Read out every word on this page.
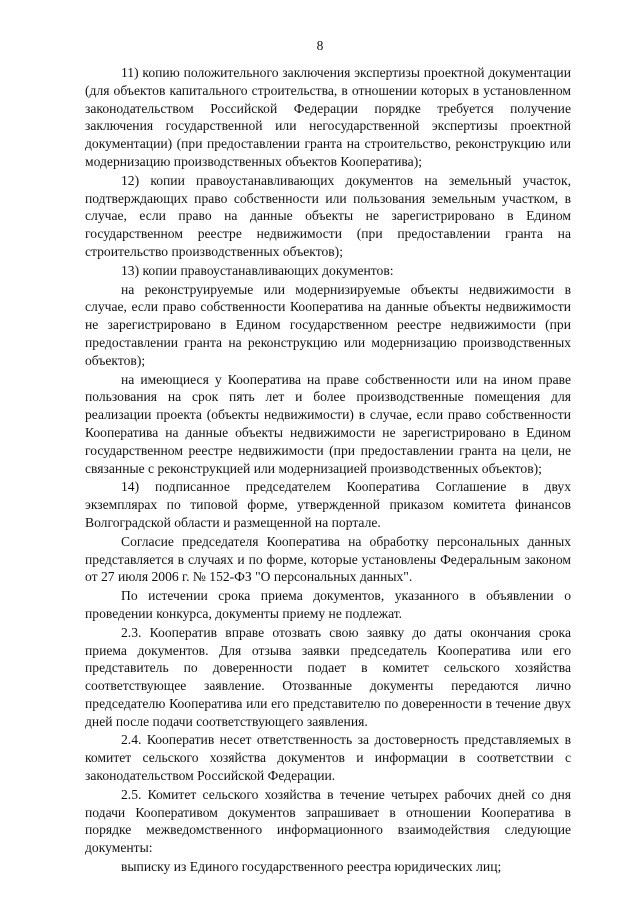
8

11) копию положительного заключения экспертизы проектной документации (для объектов капитального строительства, в отношении которых в установленном законодательством Российской Федерации порядке требуется получение заключения государственной или негосударственной экспертизы проектной документации) (при предоставлении гранта на строительство, реконструкцию или модернизацию производственных объектов Кооператива);

12) копии правоустанавливающих документов на земельный участок, подтверждающих право собственности или пользования земельным участком, в случае, если право на данные объекты не зарегистрировано в Едином государственном реестре недвижимости (при предоставлении гранта на строительство производственных объектов);

13) копии правоустанавливающих документов:

на реконструируемые или модернизируемые объекты недвижимости в случае, если право собственности Кооператива на данные объекты недвижимости не зарегистрировано в Едином государственном реестре недвижимости (при предоставлении гранта на реконструкцию или модернизацию производственных объектов);

на имеющиеся у Кооператива на праве собственности или на ином праве пользования на срок пять лет и более производственные помещения для реализации проекта (объекты недвижимости) в случае, если право собственности Кооператива на данные объекты недвижимости не зарегистрировано в Едином государственном реестре недвижимости (при предоставлении гранта на цели, не связанные с реконструкцией или модернизацией производственных объектов);

14) подписанное председателем Кооператива Соглашение в двух экземплярах по типовой форме, утвержденной приказом комитета финансов Волгоградской области и размещенной на портале.

Согласие председателя Кооператива на обработку персональных данных представляется в случаях и по форме, которые установлены Федеральным законом от 27 июля 2006 г. № 152-ФЗ "О персональных данных".

По истечении срока приема документов, указанного в объявлении о проведении конкурса, документы приему не подлежат.

2.3. Кооператив вправе отозвать свою заявку до даты окончания срока приема документов. Для отзыва заявки председатель Кооператива или его представитель по доверенности подает в комитет сельского хозяйства соответствующее заявление. Отозванные документы передаются лично председателю Кооператива или его представителю по доверенности в течение двух дней после подачи соответствующего заявления.

2.4. Кооператив несет ответственность за достоверность представляемых в комитет сельского хозяйства документов и информации в соответствии с законодательством Российской Федерации.

2.5. Комитет сельского хозяйства в течение четырех рабочих дней со дня подачи Кооперативом документов запрашивает в отношении Кооператива в порядке межведомственного информационного взаимодействия следующие документы:

выписку из Единого государственного реестра юридических лиц;
